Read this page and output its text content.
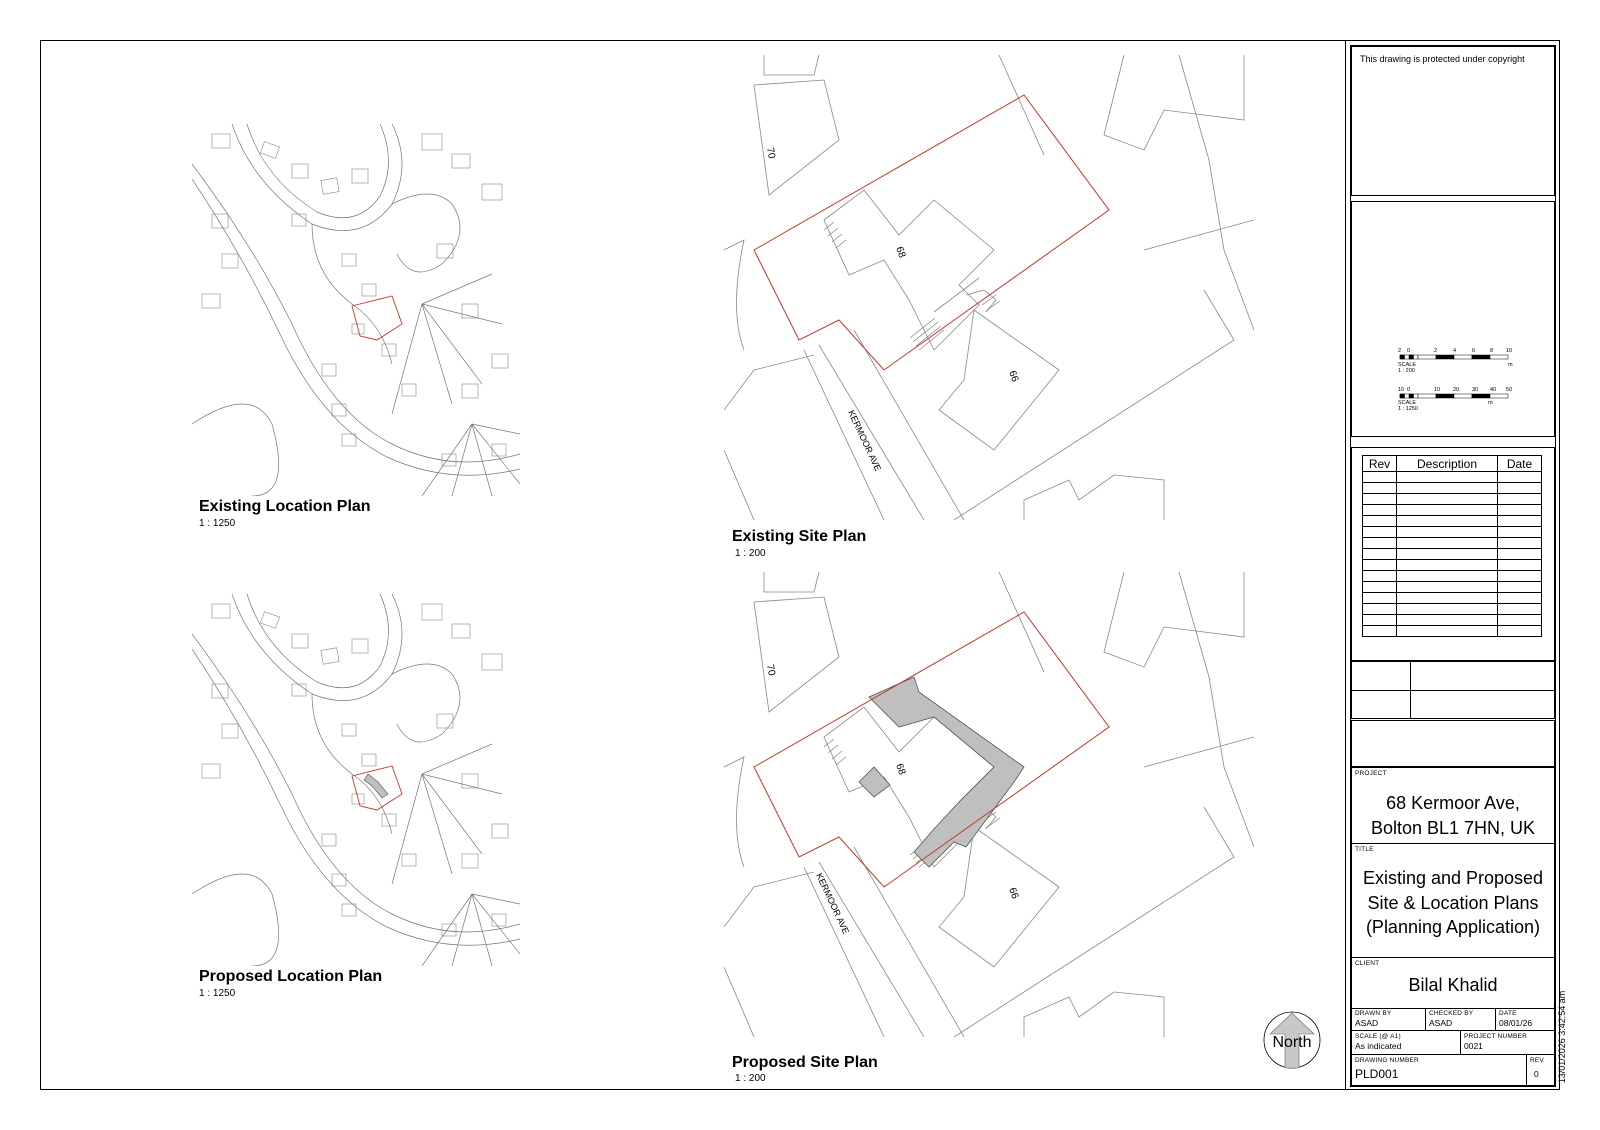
Existing Location Plan
1 : 1250
Proposed Location Plan
1 : 1250
70
68
66
KERMOOR AVE
70
68
66
KERMOOR AVE
Existing Site Plan
1 : 200
Proposed Site Plan
1 : 200
North
This drawing is protected under copyright
2 0	2	4	6	8 10
SCALE
1 : 200
m
10 0	10 20 30 40 50
SCALE
1 : 1250
m
Rev	Description	Date

PROJECT
68 Kermoor Ave,
Bolton BL1 7HN, UK
TITLE
Existing and Proposed
Site & Location Plans
(Planning Application)
CLIENT
Bilal Khalid
DRAWN BY
ASAD
CHECKED BY
ASAD
DATE
08/01/26
SCALE (@ A1)
As indicated
PROJECT NUMBER
0021
DRAWING NUMBER
PLD001
REV
0 13/01/2026 3:42:54 am
